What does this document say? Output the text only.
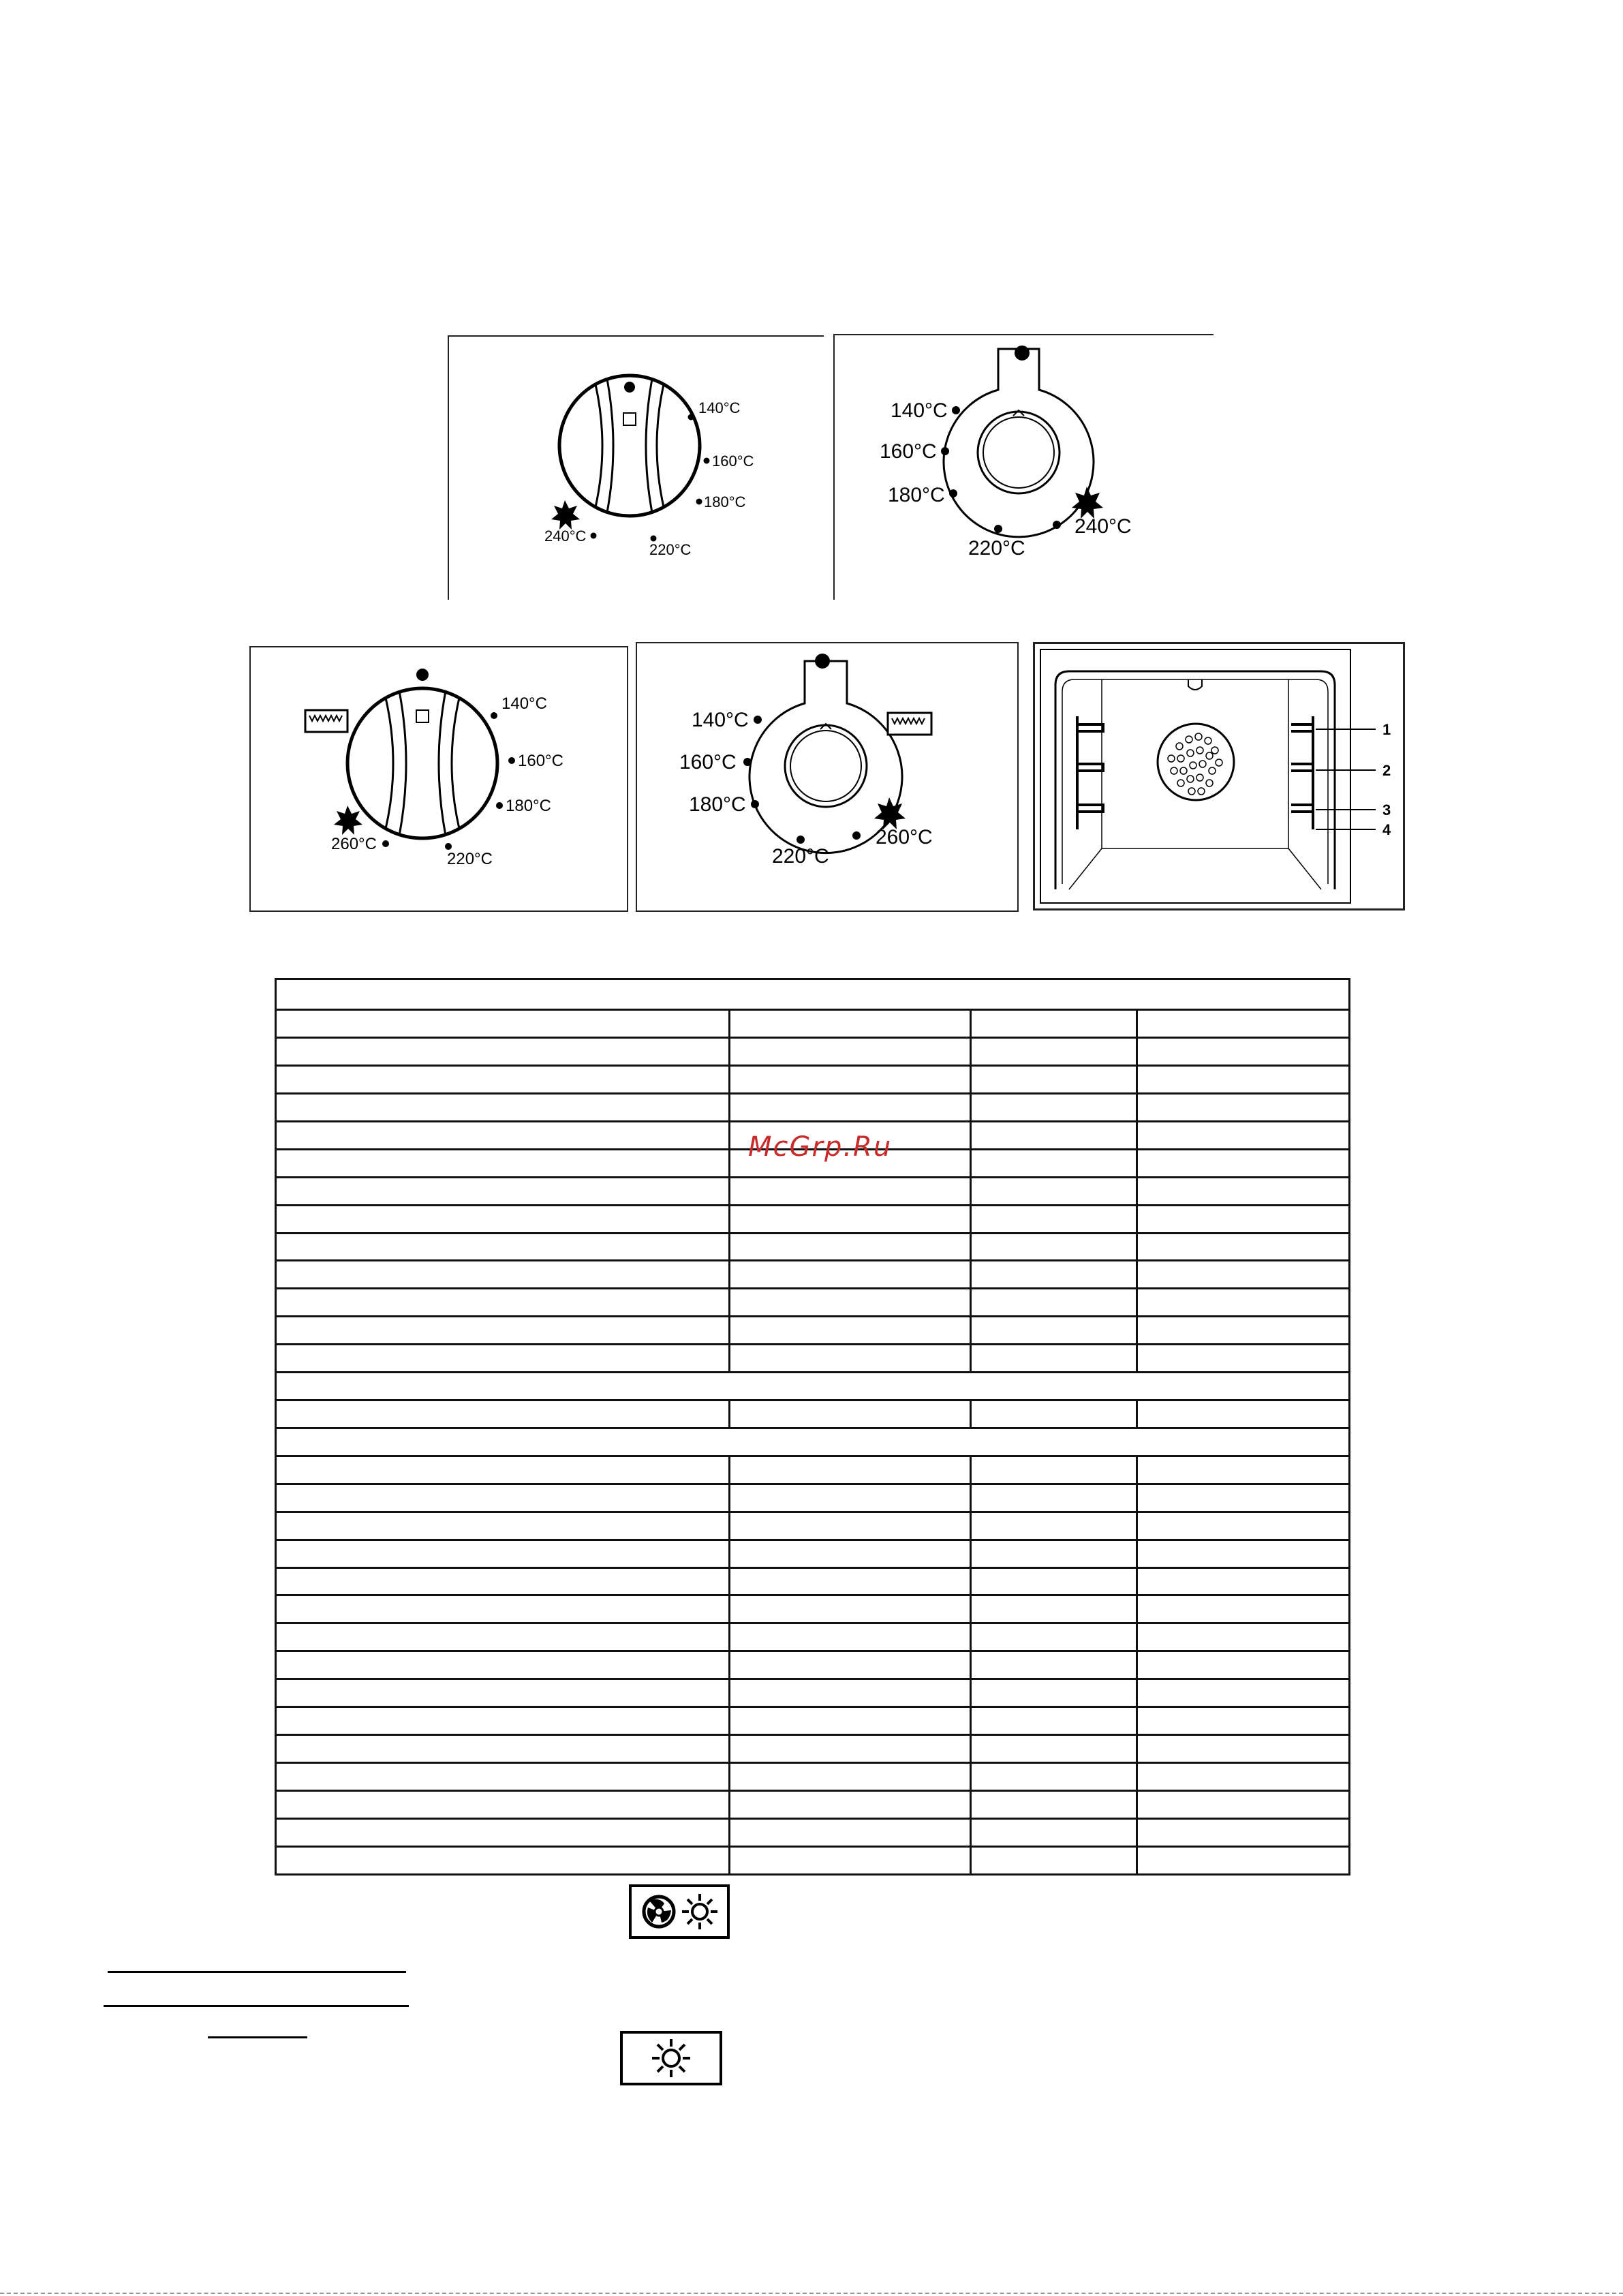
140°C
160°C
180°C
220°C
240°C
140°C
160°C
180°C
220°C
240°C
140°C
160°C
180°C
220°C
260°C
140°C
160°C
180°C
220°C
260°C
1
2
3
4

McGrp.Ru
